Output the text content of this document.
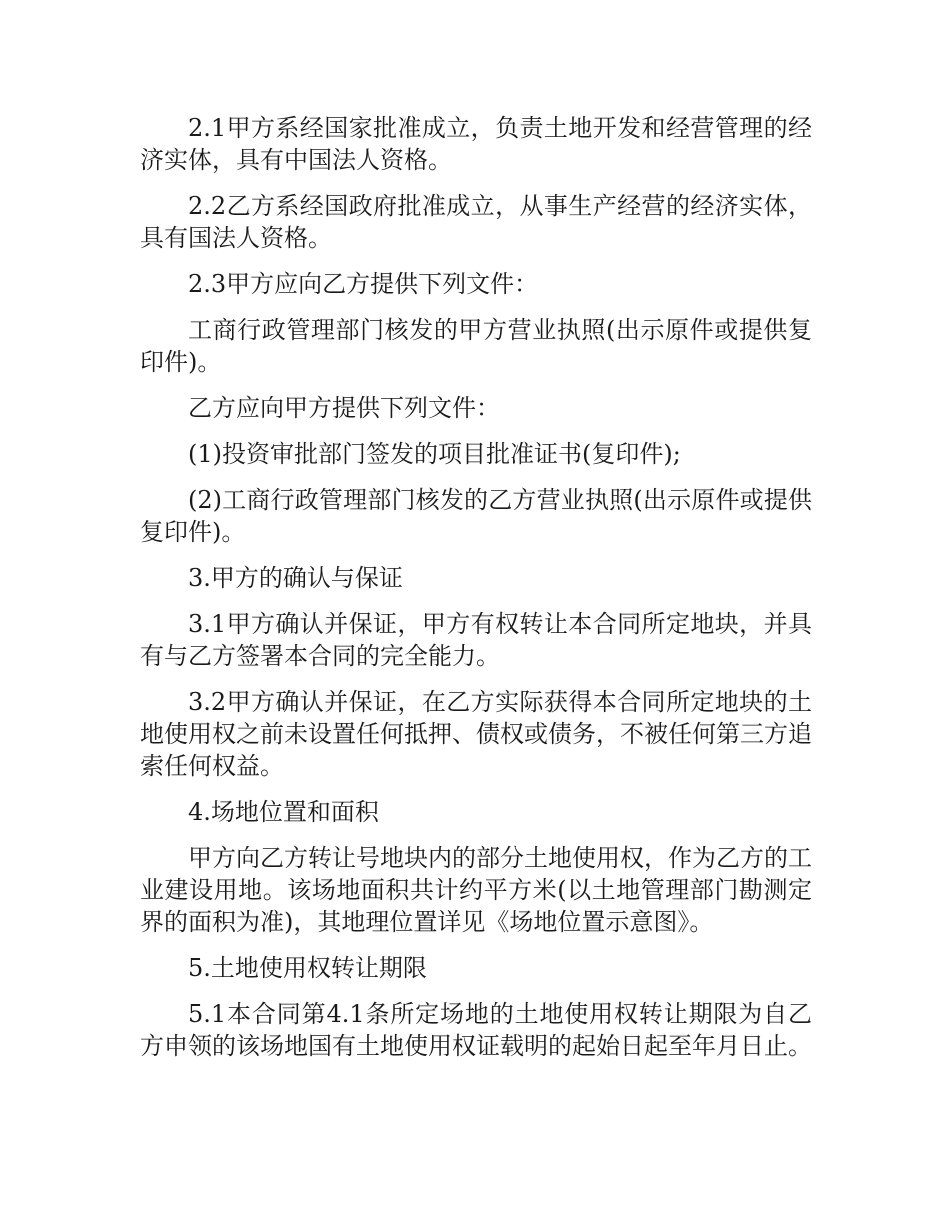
2.1甲方系经国家批准成立，负责土地开发和经营管理的经济实体，具有中国法人资格。

2.2乙方系经国政府批准成立，从事生产经营的经济实体，具有国法人资格。

2.3甲方应向乙方提供下列文件：

工商行政管理部门核发的甲方营业执照(出示原件或提供复印件)。

乙方应向甲方提供下列文件：

(1)投资审批部门签发的项目批准证书(复印件);

(2)工商行政管理部门核发的乙方营业执照(出示原件或提供复印件)。

3.甲方的确认与保证

3.1甲方确认并保证，甲方有权转让本合同所定地块，并具有与乙方签署本合同的完全能力。

3.2甲方确认并保证，在乙方实际获得本合同所定地块的土地使用权之前未设置任何抵押、债权或债务，不被任何第三方追索任何权益。

4.场地位置和面积

甲方向乙方转让号地块内的部分土地使用权，作为乙方的工业建设用地。该场地面积共计约平方米(以土地管理部门勘测定界的面积为准)，其地理位置详见《场地位置示意图》。

5.土地使用权转让期限

5.1本合同第4.1条所定场地的土地使用权转让期限为自乙方申领的该场地国有土地使用权证载明的起始日起至年月日止。
